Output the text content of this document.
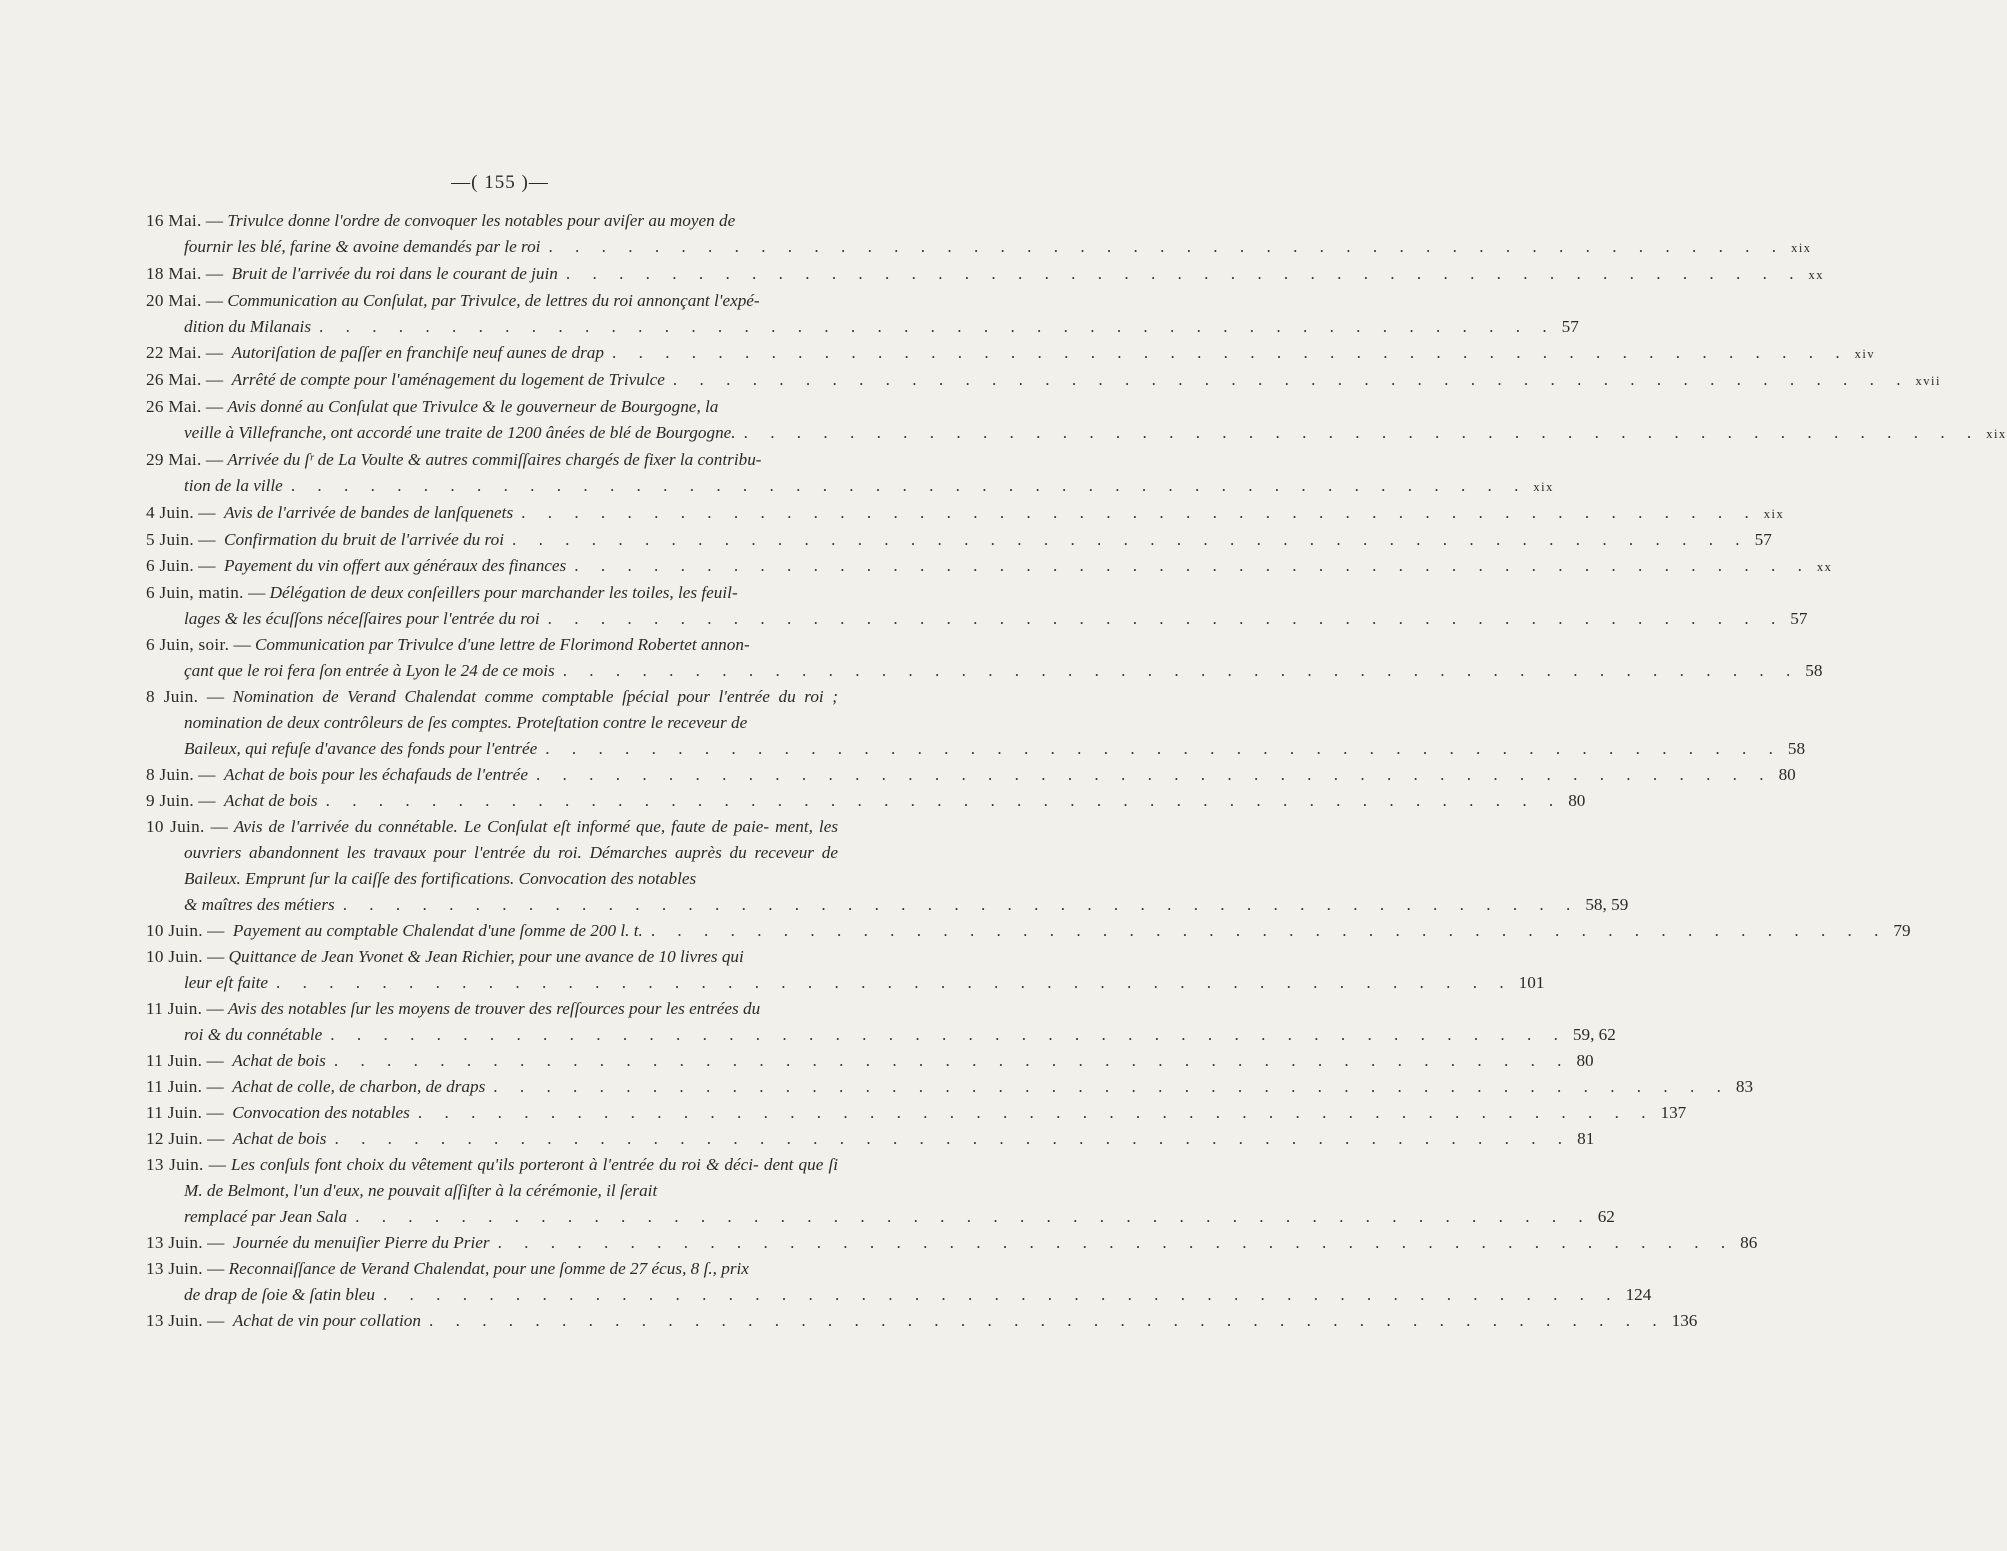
—( 155 )—
16 Mai. — Trivulce donne l'ordre de convoquer les notables pour aviſer au moyen de
fournir les blé, farine & avoine demandés par le roi . . . . . . . . . . . . . . . . . . . . . . . . . . . . . . . . . . . . . . . . . . . . . . . xix
18 Mai.
—
Bruit de l'arrivée du roi dans le courant de juin . . . . . . . . . . . . . . . . . . . . . . . . . . . . . . . . . . . . . . . . . . . . . . . xx
20 Mai. — Communication au Conſulat, par Trivulce, de lettres du roi annonçant l'expé-
dition du Milanais . . . . . . . . . . . . . . . . . . . . . . . . . . . . . . . . . . . . . . . . . . . . . . . 57
22 Mai.
—
Autoriſation de paſſer en franchiſe neuf aunes de drap . . . . . . . . . . . . . . . . . . . . . . . . . . . . . . . . . . . . . . . . . . . . . . . xiv
26 Mai.
—
Arrêté de compte pour l'aménagement du logement de Trivulce . . . . . . . . . . . . . . . . . . . . . . . . . . . . . . . . . . . . . . . . . . . . . . . xvii
26 Mai. — Avis donné au Conſulat que Trivulce & le gouverneur de Bourgogne, la
veille à Villefranche, ont accordé une traite de 1200 ânées de blé de Bourgogne. . . . . . . . . . . . . . . . . . . . . . . . . . . . . . . . . . . . . . . . . . . . . . . . xix
29 Mai. — Arrivée du ſʳ de La Voulte & autres commiſſaires chargés de fixer la contribu-
tion de la ville . . . . . . . . . . . . . . . . . . . . . . . . . . . . . . . . . . . . . . . . . . . . . . . xix
4 Juin.
—
Avis de l'arrivée de bandes de lanſquenets . . . . . . . . . . . . . . . . . . . . . . . . . . . . . . . . . . . . . . . . . . . . . . . xix
5 Juin.
—
Confirmation du bruit de l'arrivée du roi . . . . . . . . . . . . . . . . . . . . . . . . . . . . . . . . . . . . . . . . . . . . . . . 57
6 Juin.
—
Payement du vin offert aux généraux des finances . . . . . . . . . . . . . . . . . . . . . . . . . . . . . . . . . . . . . . . . . . . . . . . xx
6 Juin, matin. — Délégation de deux conſeillers pour marchander les toiles, les feuil-
lages & les écuſſons néceſſaires pour l'entrée du roi . . . . . . . . . . . . . . . . . . . . . . . . . . . . . . . . . . . . . . . . . . . . . . . 57
6 Juin, soir. — Communication par Trivulce d'une lettre de Florimond Robertet annon-
çant que le roi fera ſon entrée à Lyon le 24 de ce mois . . . . . . . . . . . . . . . . . . . . . . . . . . . . . . . . . . . . . . . . . . . . . . . 58
8 Juin. — Nomination de Verand Chalendat comme comptable ſpécial pour l'entrée du roi ; nomination de deux contrôleurs de ſes comptes. Proteſtation contre le receveur de
Baileux, qui refuſe d'avance des fonds pour l'entrée . . . . . . . . . . . . . . . . . . . . . . . . . . . . . . . . . . . . . . . . . . . . . . . 58
8 Juin.
—
Achat de bois pour les échafauds de l'entrée . . . . . . . . . . . . . . . . . . . . . . . . . . . . . . . . . . . . . . . . . . . . . . . 80
9 Juin.
—
Achat de bois . . . . . . . . . . . . . . . . . . . . . . . . . . . . . . . . . . . . . . . . . . . . . . . 80
10 Juin. — Avis de l'arrivée du connétable. Le Conſulat eſt informé que, faute de paie- ment, les ouvriers abandonnent les travaux pour l'entrée du roi. Démarches auprès du receveur de Baileux. Emprunt ſur la caiſſe des fortifications. Convocation des notables
& maîtres des métiers . . . . . . . . . . . . . . . . . . . . . . . . . . . . . . . . . . . . . . . . . . . . . . . 58, 59
10 Juin.
—
Payement au comptable Chalendat d'une ſomme de 200 l. t. . . . . . . . . . . . . . . . . . . . . . . . . . . . . . . . . . . . . . . . . . . . . . . . 79
10 Juin. — Quittance de Jean Yvonet & Jean Richier, pour une avance de 10 livres qui
leur eſt faite . . . . . . . . . . . . . . . . . . . . . . . . . . . . . . . . . . . . . . . . . . . . . . . 101
11 Juin. — Avis des notables ſur les moyens de trouver des reſſources pour les entrées du
roi & du connétable . . . . . . . . . . . . . . . . . . . . . . . . . . . . . . . . . . . . . . . . . . . . . . . 59, 62
11 Juin.
—
Achat de bois . . . . . . . . . . . . . . . . . . . . . . . . . . . . . . . . . . . . . . . . . . . . . . . 80
11 Juin.
—
Achat de colle, de charbon, de draps . . . . . . . . . . . . . . . . . . . . . . . . . . . . . . . . . . . . . . . . . . . . . . . 83
11 Juin.
—
Convocation des notables . . . . . . . . . . . . . . . . . . . . . . . . . . . . . . . . . . . . . . . . . . . . . . . 137
12 Juin.
—
Achat de bois . . . . . . . . . . . . . . . . . . . . . . . . . . . . . . . . . . . . . . . . . . . . . . . 81
13 Juin. — Les conſuls font choix du vêtement qu'ils porteront à l'entrée du roi & déci- dent que ſi M. de Belmont, l'un d'eux, ne pouvait aſſiſter à la cérémonie, il ſerait
remplacé par Jean Sala . . . . . . . . . . . . . . . . . . . . . . . . . . . . . . . . . . . . . . . . . . . . . . . 62
13 Juin.
—
Journée du menuiſier Pierre du Prier . . . . . . . . . . . . . . . . . . . . . . . . . . . . . . . . . . . . . . . . . . . . . . . 86
13 Juin. — Reconnaiſſance de Verand Chalendat, pour une ſomme de 27 écus, 8 ſ., prix
de drap de ſoie & ſatin bleu . . . . . . . . . . . . . . . . . . . . . . . . . . . . . . . . . . . . . . . . . . . . . . . 124
13 Juin.
—
Achat de vin pour collation . . . . . . . . . . . . . . . . . . . . . . . . . . . . . . . . . . . . . . . . . . . . . . . 136
